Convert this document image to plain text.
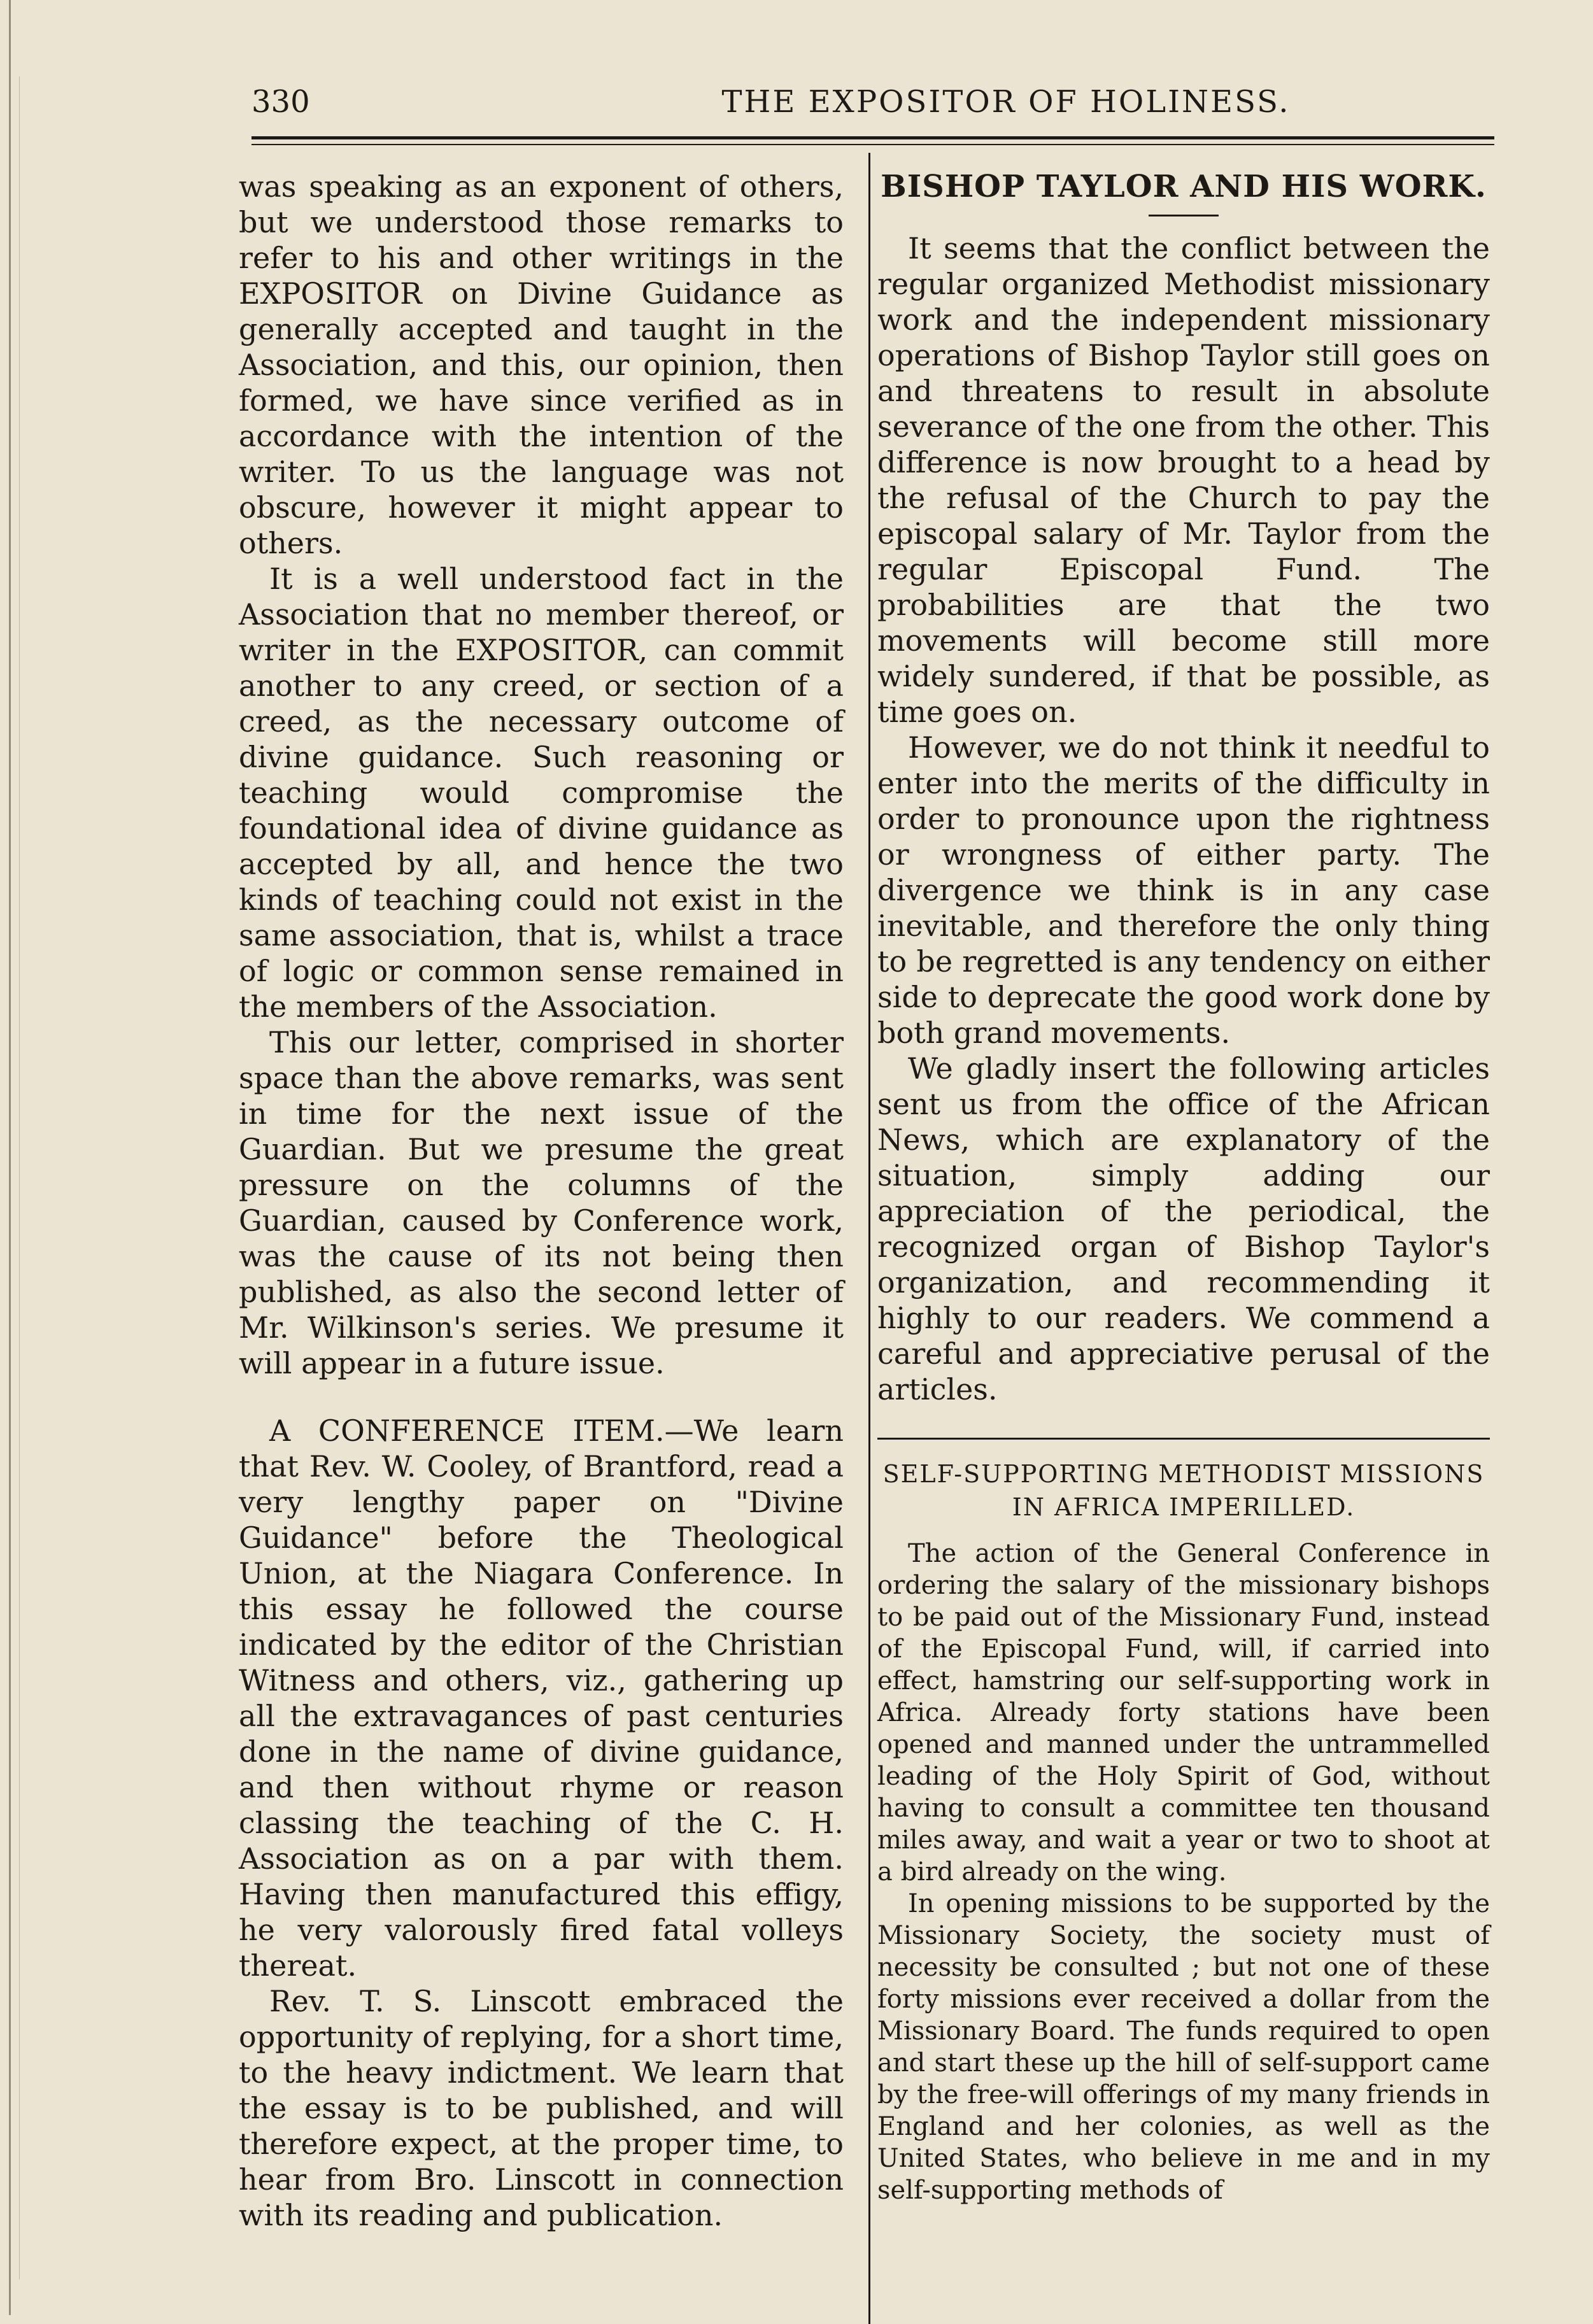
330	THE EXPOSITOR OF HOLINESS.

was speaking as an exponent of others, but we understood those remarks to refer to his and other writings in the EXPOSITOR on Divine Guidance as generally accepted and taught in the Association, and this, our opinion, then formed, we have since verified as in accordance with the intention of the writer. To us the language was not obscure, however it might appear to others.

It is a well understood fact in the Association that no member thereof, or writer in the EXPOSITOR, can commit another to any creed, or section of a creed, as the necessary outcome of divine guidance. Such reasoning or teaching would compromise the foundational idea of divine guidance as accepted by all, and hence the two kinds of teaching could not exist in the same association, that is, whilst a trace of logic or common sense remained in the members of the Association.

This our letter, comprised in shorter space than the above remarks, was sent in time for the next issue of the Guardian. But we presume the great pressure on the columns of the Guardian, caused by Conference work, was the cause of its not being then published, as also the second letter of Mr. Wilkinson's series. We presume it will appear in a future issue.

A CONFERENCE ITEM.—We learn that Rev. W. Cooley, of Brantford, read a very lengthy paper on "Divine Guidance" before the Theological Union, at the Niagara Conference. In this essay he followed the course indicated by the editor of the Christian Witness and others, viz., gathering up all the extravagances of past centuries done in the name of divine guidance, and then without rhyme or reason classing the teaching of the C. H. Association as on a par with them. Having then manufactured this effigy, he very valorously fired fatal volleys thereat.

Rev. T. S. Linscott embraced the opportunity of replying, for a short time, to the heavy indictment. We learn that the essay is to be published, and will therefore expect, at the proper time, to hear from Bro. Linscott in connection with its reading and publication.

BISHOP TAYLOR AND HIS WORK.

It seems that the conflict between the regular organized Methodist missionary work and the independent missionary operations of Bishop Taylor still goes on and threatens to result in absolute severance of the one from the other. This difference is now brought to a head by the refusal of the Church to pay the episcopal salary of Mr. Taylor from the regular Episcopal Fund. The probabilities are that the two movements will become still more widely sundered, if that be possible, as time goes on.

However, we do not think it needful to enter into the merits of the difficulty in order to pronounce upon the rightness or wrongness of either party. The divergence we think is in any case inevitable, and therefore the only thing to be regretted is any tendency on either side to deprecate the good work done by both grand movements.

We gladly insert the following articles sent us from the office of the African News, which are explanatory of the situation, simply adding our appreciation of the periodical, the recognized organ of Bishop Taylor's organization, and recommending it highly to our readers. We commend a careful and appreciative perusal of the articles.

SELF-SUPPORTING METHODIST MISSIONS

IN AFRICA IMPERILLED.

The action of the General Conference in ordering the salary of the missionary bishops to be paid out of the Missionary Fund, instead of the Episcopal Fund, will, if carried into effect, hamstring our self-supporting work in Africa. Already forty stations have been opened and manned under the untrammelled leading of the Holy Spirit of God, without having to consult a committee ten thousand miles away, and wait a year or two to shoot at a bird already on the wing.

In opening missions to be supported by the Missionary Society, the society must of necessity be consulted ; but not one of these forty missions ever received a dollar from the Missionary Board. The funds required to open and start these up the hill of self-support came by the free-will offerings of my many friends in England and her colonies, as well as the United States, who believe in me and in my self-supporting methods of
